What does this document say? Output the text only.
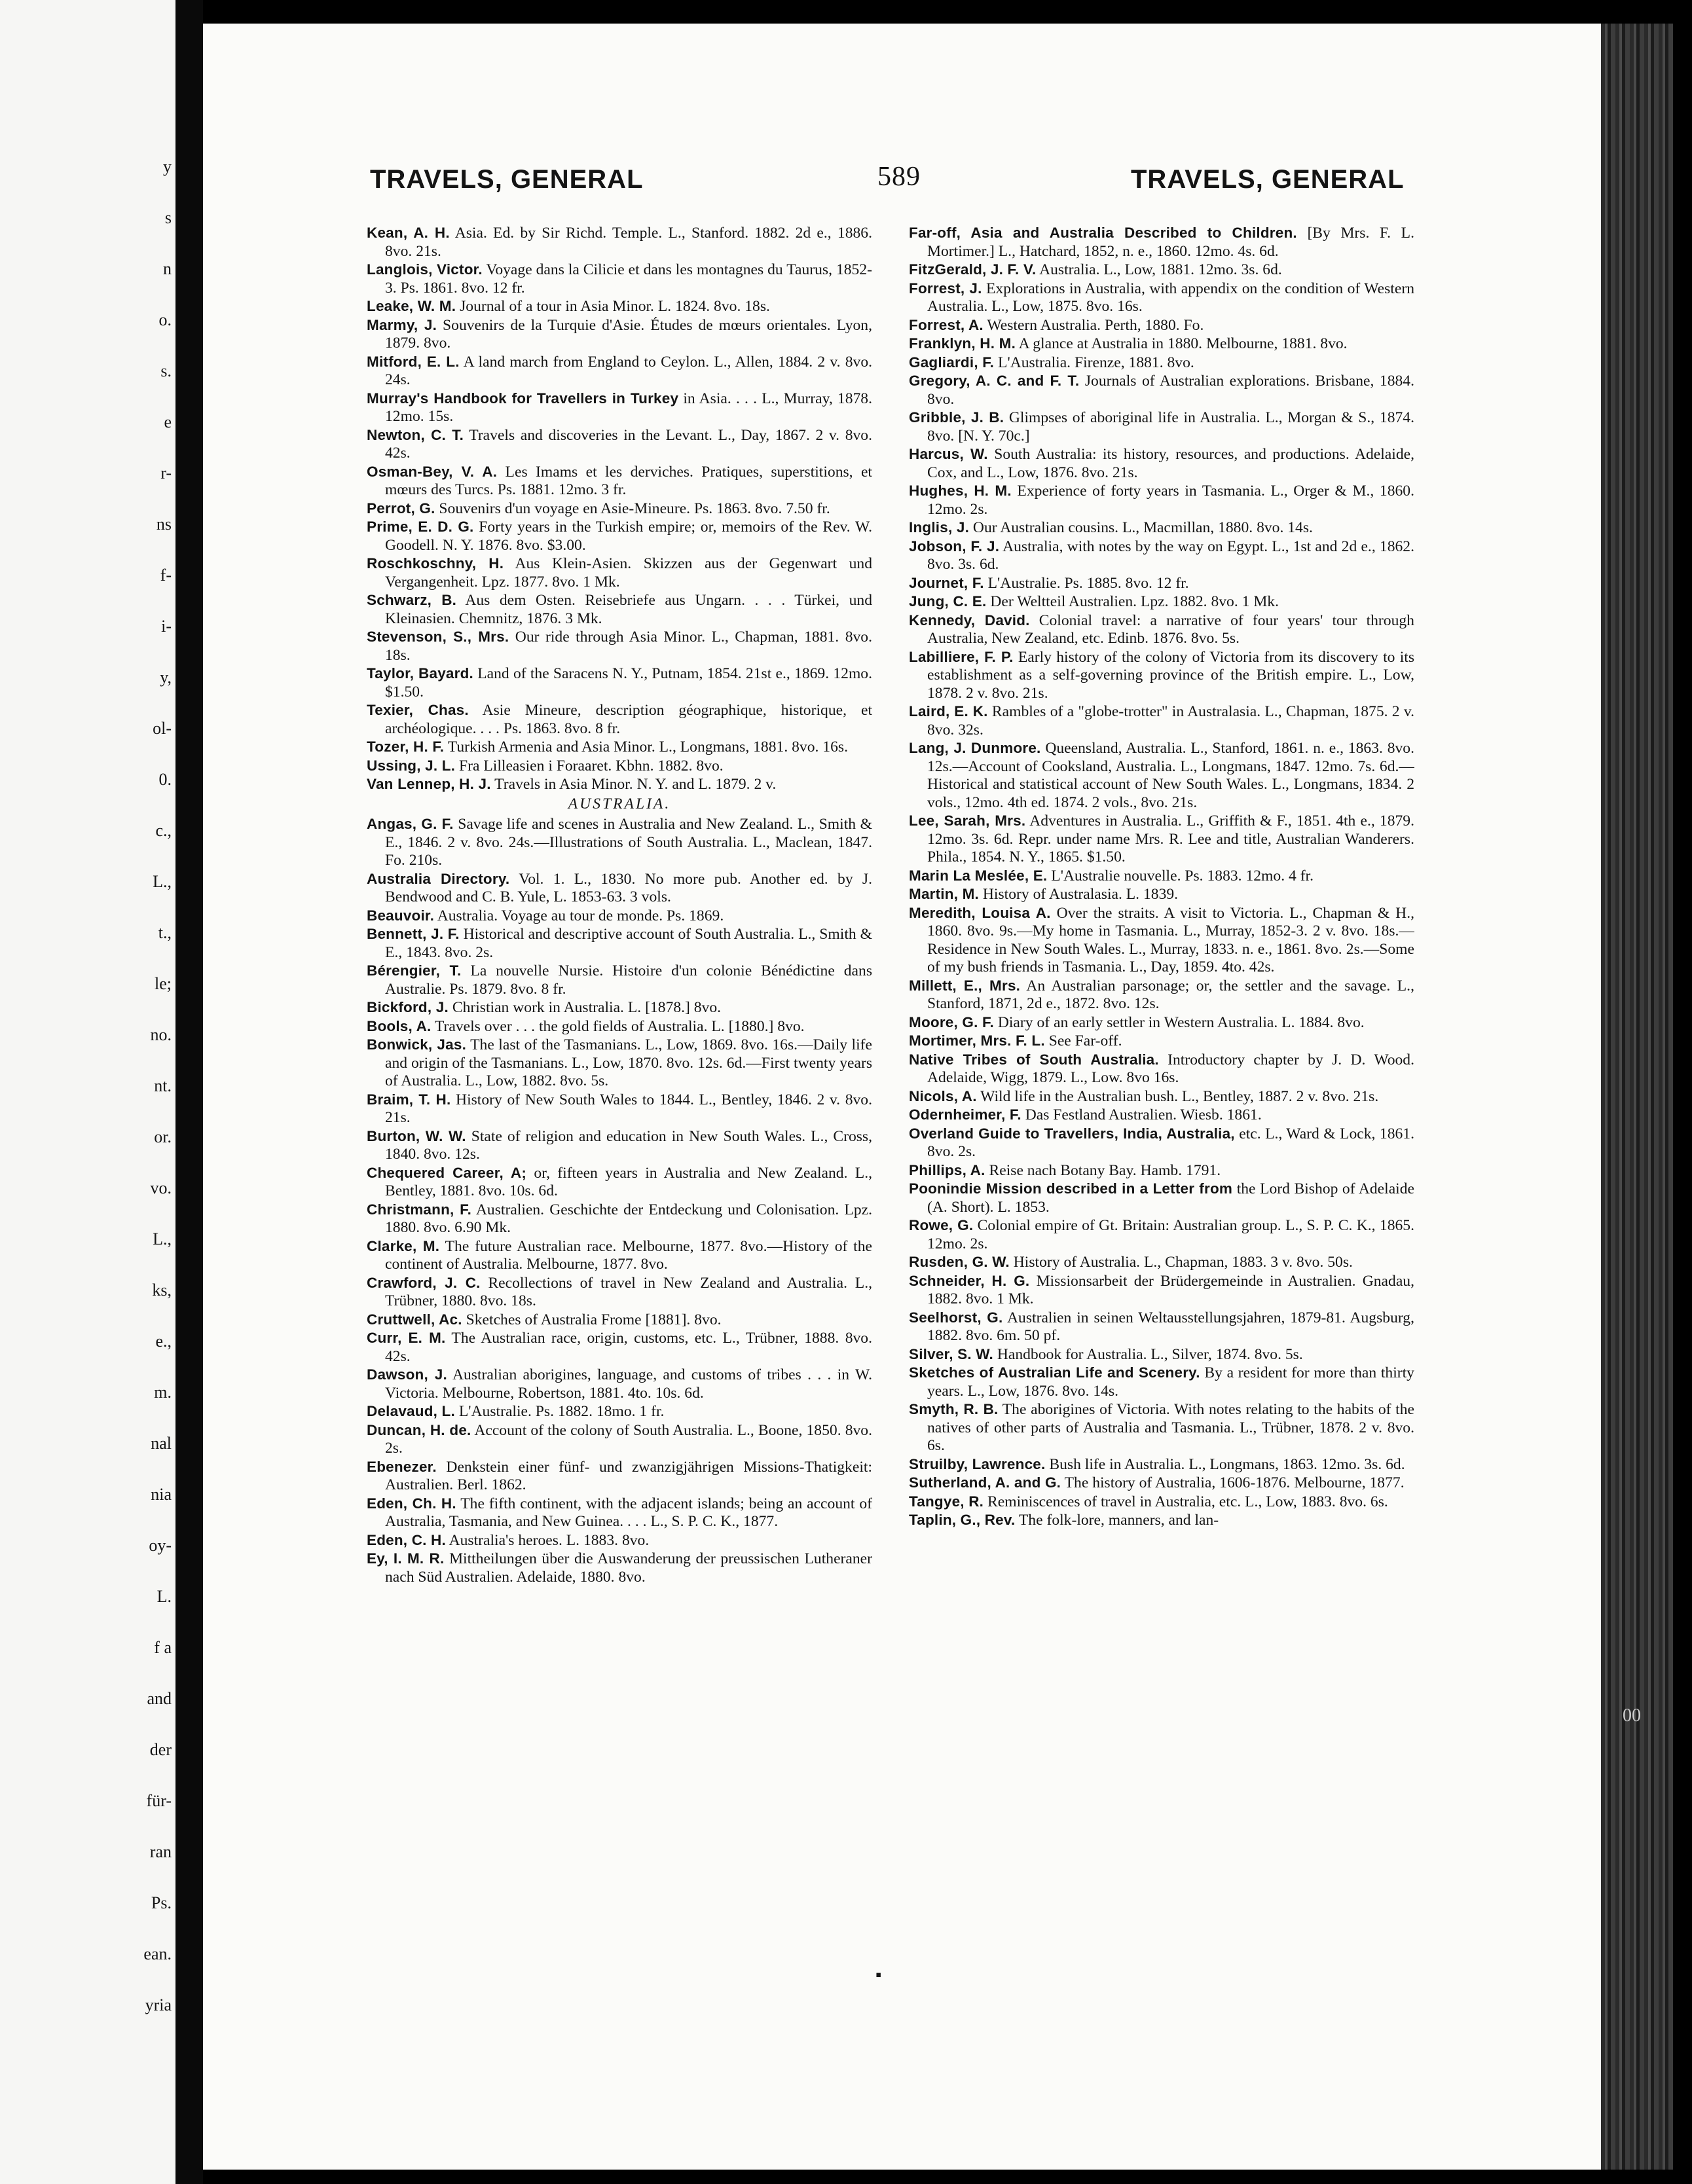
y
s
n
o.
s.
e
r-
ns
f-
i-
y,
ol-
0.
c.,
L.,
t.,
le;
no.
nt.
or.
vo.
L.,
ks,
e.,
m.
nal
nia
oy-
L.
f a
and
der
für-
ran
Ps.
ean.
yria
TRAVELS, GENERAL	589	TRAVELS, GENERAL

Kean, A. H. Asia. Ed. by Sir Richd. Temple. L., Stanford. 1882. 2d e., 1886. 8vo. 21s.

Langlois, Victor. Voyage dans la Cilicie et dans les montagnes du Taurus, 1852-3. Ps. 1861. 8vo. 12 fr.

Leake, W. M. Journal of a tour in Asia Minor. L. 1824. 8vo. 18s.

Marmy, J. Souvenirs de la Turquie d'Asie. Études de mœurs orientales. Lyon, 1879. 8vo.

Mitford, E. L. A land march from England to Ceylon. L., Allen, 1884. 2 v. 8vo. 24s.

Murray's Handbook for Travellers in Turkey in Asia. . . . L., Murray, 1878. 12mo. 15s.

Newton, C. T. Travels and discoveries in the Levant. L., Day, 1867. 2 v. 8vo. 42s.

Osman-Bey, V. A. Les Imams et les derviches. Pratiques, superstitions, et mœurs des Turcs. Ps. 1881. 12mo. 3 fr.

Perrot, G. Souvenirs d'un voyage en Asie-Mineure. Ps. 1863. 8vo. 7.50 fr.

Prime, E. D. G. Forty years in the Turkish empire; or, memoirs of the Rev. W. Goodell. N. Y. 1876. 8vo. $3.00.

Roschkoschny, H. Aus Klein-Asien. Skizzen aus der Gegenwart und Vergangenheit. Lpz. 1877. 8vo. 1 Mk.

Schwarz, B. Aus dem Osten. Reisebriefe aus Ungarn. . . . Türkei, und Kleinasien. Chemnitz, 1876. 3 Mk.

Stevenson, S., Mrs. Our ride through Asia Minor. L., Chapman, 1881. 8vo. 18s.

Taylor, Bayard. Land of the Saracens N. Y., Putnam, 1854. 21st e., 1869. 12mo. $1.50.

Texier, Chas. Asie Mineure, description géographique, historique, et archéologique. . . . Ps. 1863. 8vo. 8 fr.

Tozer, H. F. Turkish Armenia and Asia Minor. L., Longmans, 1881. 8vo. 16s.

Ussing, J. L. Fra Lilleasien i Foraaret. Kbhn. 1882. 8vo.

Van Lennep, H. J. Travels in Asia Minor. N. Y. and L. 1879. 2 v.

AUSTRALIA.

Angas, G. F. Savage life and scenes in Australia and New Zealand. L., Smith & E., 1846. 2 v. 8vo. 24s.—Illustrations of South Australia. L., Maclean, 1847. Fo. 210s.

Australia Directory. Vol. 1. L., 1830. No more pub. Another ed. by J. Bendwood and C. B. Yule, L. 1853-63. 3 vols.

Beauvoir. Australia. Voyage au tour de monde. Ps. 1869.

Bennett, J. F. Historical and descriptive account of South Australia. L., Smith & E., 1843. 8vo. 2s.

Bérengier, T. La nouvelle Nursie. Histoire d'un colonie Bénédictine dans Australie. Ps. 1879. 8vo. 8 fr.

Bickford, J. Christian work in Australia. L. [1878.] 8vo.

Bools, A. Travels over . . . the gold fields of Australia. L. [1880.] 8vo.

Bonwick, Jas. The last of the Tasmanians. L., Low, 1869. 8vo. 16s.—Daily life and origin of the Tasmanians. L., Low, 1870. 8vo. 12s. 6d.—First twenty years of Australia. L., Low, 1882. 8vo. 5s.

Braim, T. H. History of New South Wales to 1844. L., Bentley, 1846. 2 v. 8vo. 21s.

Burton, W. W. State of religion and education in New South Wales. L., Cross, 1840. 8vo. 12s.

Chequered Career, A; or, fifteen years in Australia and New Zealand. L., Bentley, 1881. 8vo. 10s. 6d.

Christmann, F. Australien. Geschichte der Entdeckung und Colonisation. Lpz. 1880. 8vo. 6.90 Mk.

Clarke, M. The future Australian race. Melbourne, 1877. 8vo.—History of the continent of Australia. Melbourne, 1877. 8vo.

Crawford, J. C. Recollections of travel in New Zealand and Australia. L., Trübner, 1880. 8vo. 18s.

Cruttwell, Ac. Sketches of Australia Frome [1881]. 8vo.

Curr, E. M. The Australian race, origin, customs, etc. L., Trübner, 1888. 8vo. 42s.

Dawson, J. Australian aborigines, language, and customs of tribes . . . in W. Victoria. Melbourne, Robertson, 1881. 4to. 10s. 6d.

Delavaud, L. L'Australie. Ps. 1882. 18mo. 1 fr.

Duncan, H. de. Account of the colony of South Australia. L., Boone, 1850. 8vo. 2s.

Ebenezer. Denkstein einer fünf- und zwanzigjährigen Missions-Thatigkeit: Australien. Berl. 1862.

Eden, Ch. H. The fifth continent, with the adjacent islands; being an account of Australia, Tasmania, and New Guinea. . . . L., S. P. C. K., 1877.

Eden, C. H. Australia's heroes. L. 1883. 8vo.

Ey, I. M. R. Mittheilungen über die Auswanderung der preussischen Lutheraner nach Süd Australien. Adelaide, 1880. 8vo.

Far-off, Asia and Australia Described to Children. [By Mrs. F. L. Mortimer.] L., Hatchard, 1852, n. e., 1860. 12mo. 4s. 6d.

FitzGerald, J. F. V. Australia. L., Low, 1881. 12mo. 3s. 6d.

Forrest, J. Explorations in Australia, with appendix on the condition of Western Australia. L., Low, 1875. 8vo. 16s.

Forrest, A. Western Australia. Perth, 1880. Fo.

Franklyn, H. M. A glance at Australia in 1880. Melbourne, 1881. 8vo.

Gagliardi, F. L'Australia. Firenze, 1881. 8vo.

Gregory, A. C. and F. T. Journals of Australian explorations. Brisbane, 1884. 8vo.

Gribble, J. B. Glimpses of aboriginal life in Australia. L., Morgan & S., 1874. 8vo. [N. Y. 70c.]

Harcus, W. South Australia: its history, resources, and productions. Adelaide, Cox, and L., Low, 1876. 8vo. 21s.

Hughes, H. M. Experience of forty years in Tasmania. L., Orger & M., 1860. 12mo. 2s.

Inglis, J. Our Australian cousins. L., Macmillan, 1880. 8vo. 14s.

Jobson, F. J. Australia, with notes by the way on Egypt. L., 1st and 2d e., 1862. 8vo. 3s. 6d.

Journet, F. L'Australie. Ps. 1885. 8vo. 12 fr.

Jung, C. E. Der Weltteil Australien. Lpz. 1882. 8vo. 1 Mk.

Kennedy, David. Colonial travel: a narrative of four years' tour through Australia, New Zealand, etc. Edinb. 1876. 8vo. 5s.

Labilliere, F. P. Early history of the colony of Victoria from its discovery to its establishment as a self-governing province of the British empire. L., Low, 1878. 2 v. 8vo. 21s.

Laird, E. K. Rambles of a "globe-trotter" in Australasia. L., Chapman, 1875. 2 v. 8vo. 32s.

Lang, J. Dunmore. Queensland, Australia. L., Stanford, 1861. n. e., 1863. 8vo. 12s.—Account of Cooksland, Australia. L., Longmans, 1847. 12mo. 7s. 6d.—Historical and statistical account of New South Wales. L., Longmans, 1834. 2 vols., 12mo. 4th ed. 1874. 2 vols., 8vo. 21s.

Lee, Sarah, Mrs. Adventures in Australia. L., Griffith & F., 1851. 4th e., 1879. 12mo. 3s. 6d. Repr. under name Mrs. R. Lee and title, Australian Wanderers. Phila., 1854. N. Y., 1865. $1.50.

Marin La Meslée, E. L'Australie nouvelle. Ps. 1883. 12mo. 4 fr.

Martin, M. History of Australasia. L. 1839.

Meredith, Louisa A. Over the straits. A visit to Victoria. L., Chapman & H., 1860. 8vo. 9s.—My home in Tasmania. L., Murray, 1852-3. 2 v. 8vo. 18s.—Residence in New South Wales. L., Murray, 1833. n. e., 1861. 8vo. 2s.—Some of my bush friends in Tasmania. L., Day, 1859. 4to. 42s.

Millett, E., Mrs. An Australian parsonage; or, the settler and the savage. L., Stanford, 1871, 2d e., 1872. 8vo. 12s.

Moore, G. F. Diary of an early settler in Western Australia. L. 1884. 8vo.

Mortimer, Mrs. F. L. See Far-off.

Native Tribes of South Australia. Introductory chapter by J. D. Wood. Adelaide, Wigg, 1879. L., Low. 8vo 16s.

Nicols, A. Wild life in the Australian bush. L., Bentley, 1887. 2 v. 8vo. 21s.

Odernheimer, F. Das Festland Australien. Wiesb. 1861.

Overland Guide to Travellers, India, Australia, etc. L., Ward & Lock, 1861. 8vo. 2s.

Phillips, A. Reise nach Botany Bay. Hamb. 1791.

Poonindie Mission described in a Letter from the Lord Bishop of Adelaide (A. Short). L. 1853.

Rowe, G. Colonial empire of Gt. Britain: Australian group. L., S. P. C. K., 1865. 12mo. 2s.

Rusden, G. W. History of Australia. L., Chapman, 1883. 3 v. 8vo. 50s.

Schneider, H. G. Missionsarbeit der Brüdergemeinde in Australien. Gnadau, 1882. 8vo. 1 Mk.

Seelhorst, G. Australien in seinen Weltausstellungsjahren, 1879-81. Augsburg, 1882. 8vo. 6m. 50 pf.

Silver, S. W. Handbook for Australia. L., Silver, 1874. 8vo. 5s.

Sketches of Australian Life and Scenery. By a resident for more than thirty years. L., Low, 1876. 8vo. 14s.

Smyth, R. B. The aborigines of Victoria. With notes relating to the habits of the natives of other parts of Australia and Tasmania. L., Trübner, 1878. 2 v. 8vo. 6s.

Struilby, Lawrence. Bush life in Australia. L., Longmans, 1863. 12mo. 3s. 6d.

Sutherland, A. and G. The history of Australia, 1606-1876. Melbourne, 1877.

Tangye, R. Reminiscences of travel in Australia, etc. L., Low, 1883. 8vo. 6s.

Taplin, G., Rev. The folk-lore, manners, and lan-

▪
00
